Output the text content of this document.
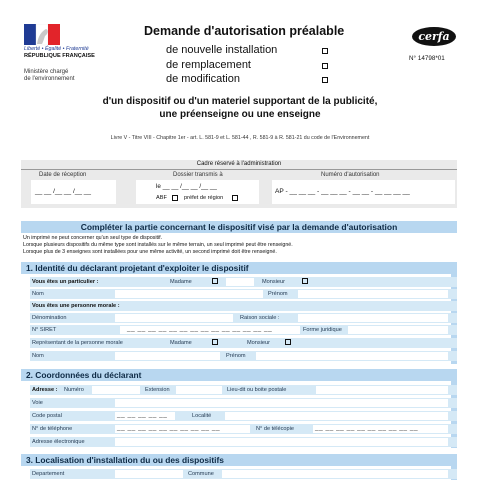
Liberté • Égalité • Fraternité
RÉPUBLIQUE FRANÇAISE
Ministère chargé
de l'environnement
Demande d'autorisation préalable
de nouvelle installation
de remplacement
de modification
cerfa
N° 14798*01
d'un dispositif ou d'un materiel supportant de la publicité,
une préenseigne ou une enseigne
Livre V - Titre VIII - Chapitre 1er - art. L. 581-9 et L. 581-44 , R. 581-9 à R. 581-21 du code de l'Environnement
Cadre réservé à l'administration
Date de réception
__ __ /__ __ /__ __
Dossier transmis à
le __ __ /__ __ /__ __
ABF	préfet de région
Numéro d'autorisation
AP - __ __ __ - __ __ __ - __ __ - __ __ __ __
Compléter la partie concernant le dispositif visé par la demande d'autorisation
Un imprimé ne peut concerner qu'un seul type de dispositif.
Lorsque plusieurs dispositifs du même type sont installés sur le même terrain, un seul imprimé peut être renseigné.
Lorsque plus de 3 enseignes sont installées pour une même activité, un second imprimé doit être renseigné.
1. Identité du déclarant projetant d'exploiter le dispositif
Vous êtes un particulier :	Madame	Monsieur
Nom	Prénom
Vous êtes une personne morale :
Dénomination	Raison sociale :
N° SIRET	__ __ __ __ __ __ __ __ __ __ __ __ __ __	Forme juridique
Représentant de la personne morale	Madame	Monsieur
Nom	Prénom
2. Coordonnées du déclarant
Adresse : Numéro	Extension	Lieu-dit ou boite postale
Voie
Code postal	__ __ __ __ __	Localité
N° de téléphone	__ __ __ __ __ __ __ __ __ __	N° de télécopie	__ __ __ __ __ __ __ __ __ __
Adresse électronique
3. Localisation d'installation du ou des dispositifs
Departement	Commune
